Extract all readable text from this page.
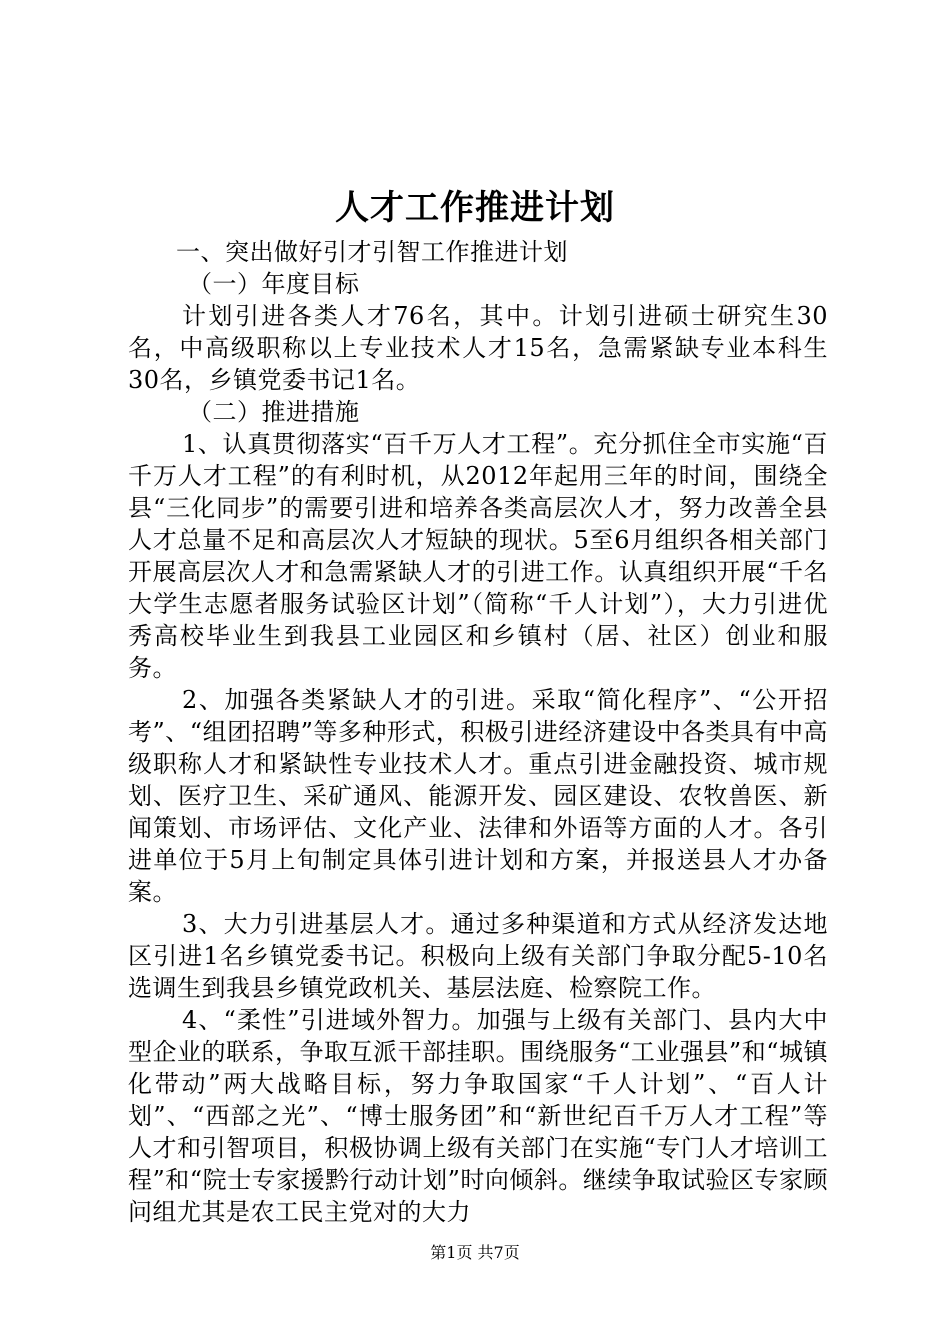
人才工作推进计划

一、突出做好引才引智工作推进计划

（一）年度目标

计划引进各类人才76名，其中。计划引进硕士研究生30名，中高级职称以上专业技术人才15名，急需紧缺专业本科生30名，乡镇党委书记1名。

（二）推进措施

1、认真贯彻落实“百千万人才工程”。充分抓住全市实施“百千万人才工程”的有利时机，从2012年起用三年的时间，围绕全县“三化同步”的需要引进和培养各类高层次人才，努力改善全县人才总量不足和高层次人才短缺的现状。5至6月组织各相关部门开展高层次人才和急需紧缺人才的引进工作。认真组织开展“千名大学生志愿者服务试验区计划”（简称“千人计划”），大力引进优秀高校毕业生到我县工业园区和乡镇村（居、社区）创业和服务。

2、加强各类紧缺人才的引进。采取“简化程序”、“公开招考”、“组团招聘”等多种形式，积极引进经济建设中各类具有中高级职称人才和紧缺性专业技术人才。重点引进金融投资、城市规划、医疗卫生、采矿通风、能源开发、园区建设、农牧兽医、新闻策划、市场评估、文化产业、法律和外语等方面的人才。各引进单位于5月上旬制定具体引进计划和方案，并报送县人才办备案。

3、大力引进基层人才。通过多种渠道和方式从经济发达地区引进1名乡镇党委书记。积极向上级有关部门争取分配5-10名选调生到我县乡镇党政机关、基层法庭、检察院工作。

4、“柔性”引进域外智力。加强与上级有关部门、县内大中型企业的联系，争取互派干部挂职。围绕服务“工业强县”和“城镇化带动”两大战略目标，努力争取国家“千人计划”、“百人计划”、“西部之光”、“博士服务团”和“新世纪百千万人才工程”等人才和引智项目，积极协调上级有关部门在实施“专门人才培训工程”和“院士专家援黔行动计划”时向倾斜。继续争取试验区专家顾问组尤其是农工民主党对的大力

第1页 共7页
